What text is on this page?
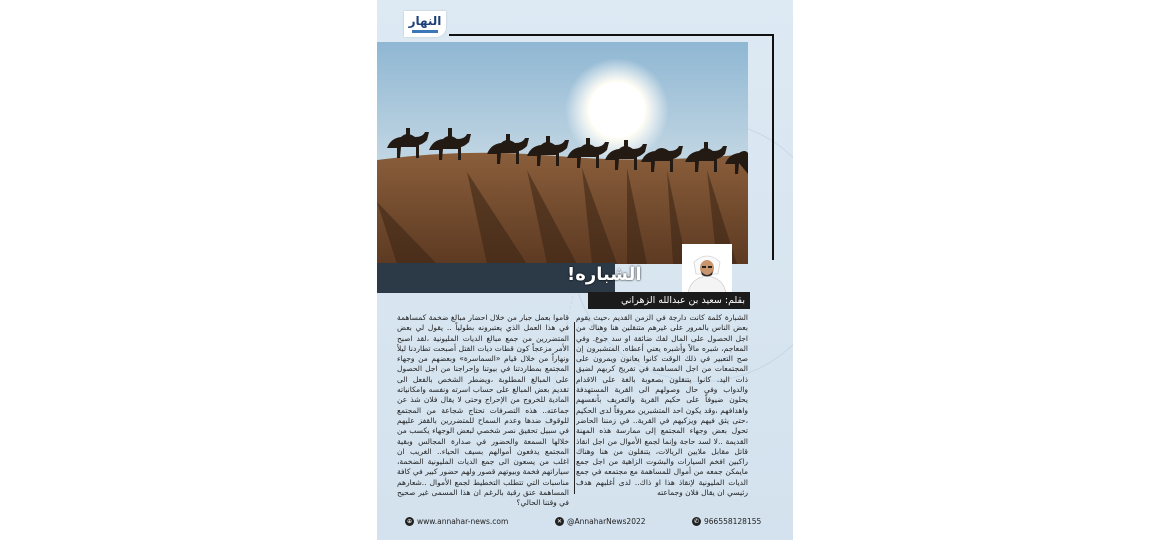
النهار
الشباره!
بقلم: سعيد بن عبدالله الزهراني
الشبارة كلمة كانت دارجة في الزمن القديم ،حيث يقوم بعض الناس بالمرور على غيرهم متنقلين هنا وهناك من اجل الحصول على المال لفك ضائقة او سد جوع. وفي المعاجم، شبره مالاً وأشبره يعني أعطاه. المتشبرون إن صح التعبير في ذلك الوقت كانوا يعانون ويمرون على المجتمعات من اجل المساهمة في تفريج كربهم لضيق ذات اليد. كانوا يتنقلون بصعوبة بالغة على الاقدام والدواب وفي حال وصولهم الى القرية المستهدفة يحلون ضيوفاً على حكيم القرية والتعريف بأنفسهم واهدافهم ،وقد يكون احد المتشبرين معروفاً لدى الحكيم ،حتى يثق فيهم ويزكيهم في القرية.. في زمننا الحاضر تحول بعض وجهاء المجتمع إلى ممارسة هذه المهنة القديمة ..لا لسد حاجة وإنما لجمع الأموال من اجل انقاذ قاتل مقابل ملايين الريالات، يتنقلون من هنا وهناك راكبين افخم السيارات والبشوت الزاهية من اجل جمع مايمكن جمعه من أموال للمساهمة مع مجتمعه في جمع الديات المليونية لإنقاذ هذا او ذاك.. لدى أغلبهم هدف رئيسي ان يقال فلان وجماعته
قاموا بعمل جبار من خلال احضار مبالغ ضخمة كمساهمة في هذا العمل الذي يعتبرونه بطولياً .. يقول لي بعض المتضررين من جمع مبالغ الديات المليونية ،لقد اصبح الأمر مزعجاً كون قطات ديات القتل أصبحت تطاردنا ليلاً ونهاراً من خلال قيام «السماسرة» وبعضهم من وجهاء المجتمع بمطاردتنا في بيوتنا وإحراجنا من اجل الحصول على المبالغ المطلوبة ،ويضطر الشخص بالفعل الى تقديم بعض المبالغ على حساب اسرته ونفسه وامكانياته المادية للخروج من الإحراج وحتى لا يقال فلان شذ عن جماعته.. هذه التصرفات تحتاج شجاعة من المجتمع للوقوف ضدها وعدم السماح للمتضررين بالقفز عليهم في سبيل تحقيق نصر شخصي لبعض الوجهاء يكسب من خلالها السمعة والحضور في صدارة المجالس وبقية المجتمع يدفعون أموالهم بسيف الحياء.. الغريب ان اغلب من يسعون الى جمع الديات المليونية الضخمة، سياراتهم فخمة وبيوتهم قصور ولهم حضور كبير في كافة مناسبات التي تتطلب التخطيط لجمع الأموال ..شعارهم المساهمة عتق رقبة بالرغم ان هذا المسمى غير صحيح في وقتنا الحالي؟
⊕ www.annahar-news.com	✕ @AnnaharNews2022	✆ 966558128155
